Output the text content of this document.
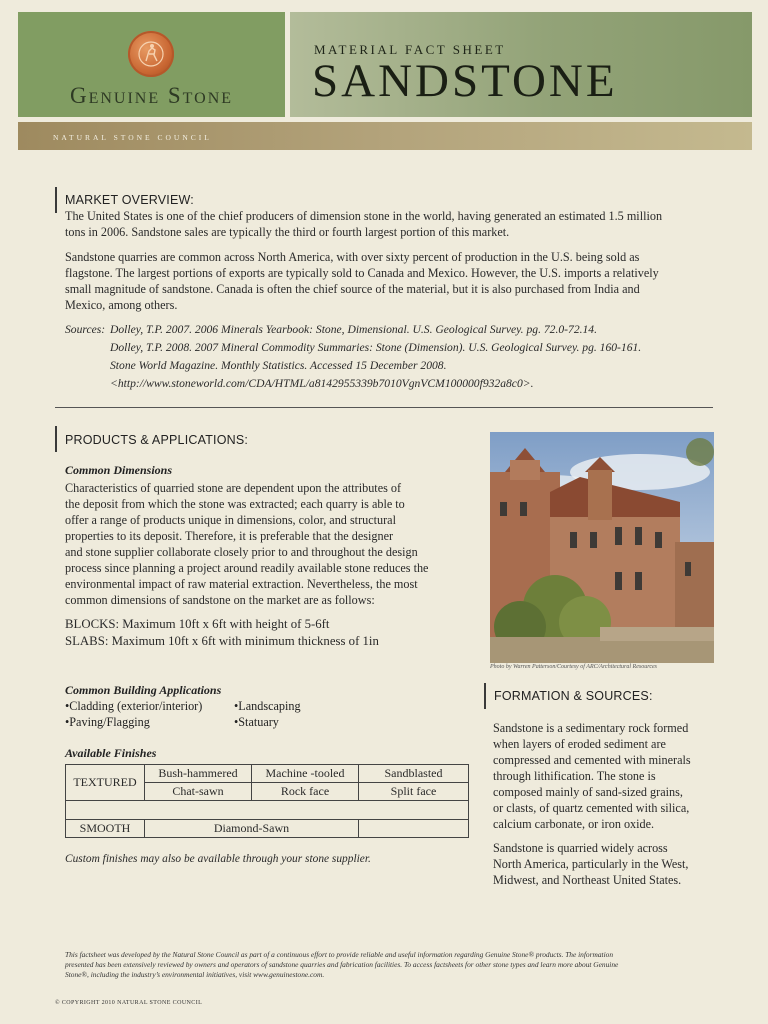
Genuine Stone
MATERIAL FACT SHEET
SANDSTONE
NATURAL STONE COUNCIL
MARKET OVERVIEW:
The United States is one of the chief producers of dimension stone in the world, having generated an estimated 1.5 million
tons in 2006. Sandstone sales are typically the third or fourth largest portion of this market.
Sandstone quarries are common across North America, with over sixty percent of production in the U.S. being sold as
flagstone. The largest portions of exports are typically sold to Canada and Mexico. However, the U.S. imports a relatively
small magnitude of sandstone. Canada is often the chief source of the material, but it is also purchased from India and
Mexico, among others.
Sources: Dolley, T.P. 2007. 2006 Minerals Yearbook: Stone, Dimensional. U.S. Geological Survey. pg. 72.0-72.14.
Dolley, T.P. 2008. 2007 Mineral Commodity Summaries: Stone (Dimension). U.S. Geological Survey. pg. 160-161.
Stone World Magazine. Monthly Statistics. Accessed 15 December 2008.
<http://www.stoneworld.com/CDA/HTML/a8142955339b7010VgnVCM100000f932a8c0>.
PRODUCTS & APPLICATIONS:
Common Dimensions
Characteristics of quarried stone are dependent upon the attributes of
the deposit from which the stone was extracted; each quarry is able to
offer a range of products unique in dimensions, color, and structural
properties to its deposit. Therefore, it is preferable that the designer
and stone supplier collaborate closely prior to and throughout the design
process since planning a project around readily available stone reduces the
environmental impact of raw material extraction. Nevertheless, the most
common dimensions of sandstone on the market are as follows:
BLOCKS: Maximum 10ft x 6ft with height of 5-6ft
SLABS: Maximum 10ft x 6ft with minimum thickness of 1in
Common Building Applications
• Cladding (exterior/interior)
• Paving/Flagging
• Landscaping
• Statuary
Available Finishes
TEXTURED	Bush-hammered	Machine -tooled	Sandblasted
	Chat-sawn	Rock face	Split face

SMOOTH	Diamond-Sawn		
Custom finishes may also be available through your stone supplier.
Photo by Warren Patterson/Courtesy of ARC/Architectural Resources
FORMATION & SOURCES:
Sandstone is a sedimentary rock formed
when layers of eroded sediment are
compressed and cemented with minerals
through lithification. The stone is
composed mainly of sand-sized grains,
or clasts, of quartz cemented with silica,
calcium carbonate, or iron oxide.
Sandstone is quarried widely across
North America, particularly in the West,
Midwest, and Northeast United States.
This factsheet was developed by the Natural Stone Council as part of a continuous effort to provide reliable and useful information regarding Genuine Stone® products. The information
presented has been extensively reviewed by owners and operators of sandstone quarries and fabrication facilities. To access factsheets for other stone types and learn more about Genuine
Stone®, including the industry’s environmental initiatives, visit www.genuinestone.com.
© COPYRIGHT 2010 NATURAL STONE COUNCIL
